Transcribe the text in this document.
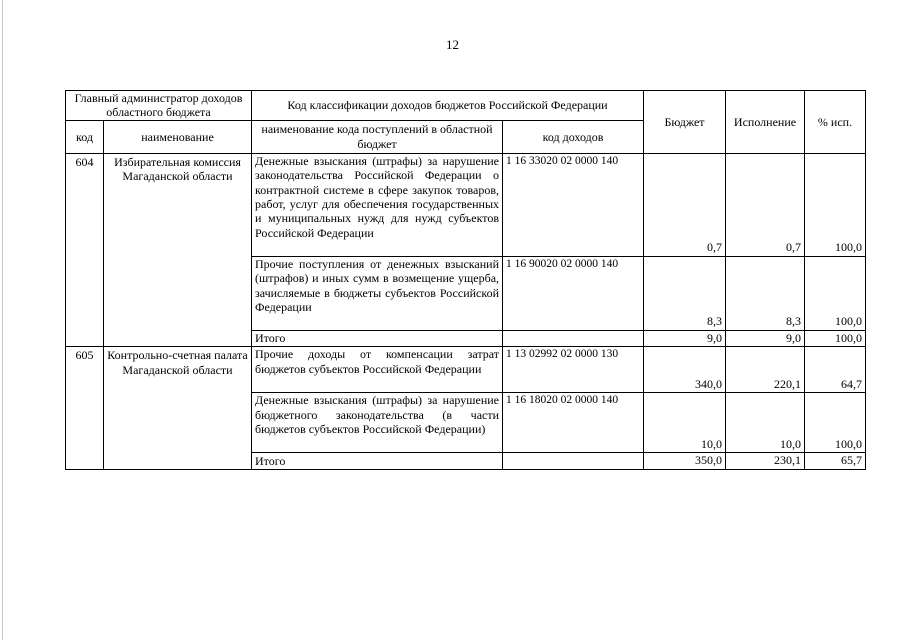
12
Главный администратор доходов областного бюджета		Код классификации доходов бюджетов Российской Федерации		Бюджет	Исполнение	% исп.
код	наименование	наименование кода поступлений в областной бюджет	код доходов			
604	Избирательная комиссия Магаданской области	Денежные взыскания (штрафы) за нарушение законодательства Российской Федерации о контрактной системе в сфере закупок товаров, работ, услуг для обеспечения государственных и муниципальных нужд для нужд субъектов Российской Федерации	1 16 33020 02 0000 140	0,7	0,7	100,0
		Прочие поступления от денежных взысканий (штрафов) и иных сумм в возмещение ущерба, зачисляемые в бюджеты субъектов Российской Федерации	1 16 90020 02 0000 140	8,3	8,3	100,0
		Итого		9,0	9,0	100,0
605	Контрольно-счетная палата Магаданской области	Прочие доходы от компенсации затрат бюджетов субъектов Российской Федерации	1 13 02992 02 0000 130	340,0	220,1	64,7
		Денежные взыскания (штрафы) за нарушение бюджетного законодательства (в части бюджетов субъектов Российской Федерации)	1 16 18020 02 0000 140	10,0	10,0	100,0
		Итого		350,0	230,1	65,7
